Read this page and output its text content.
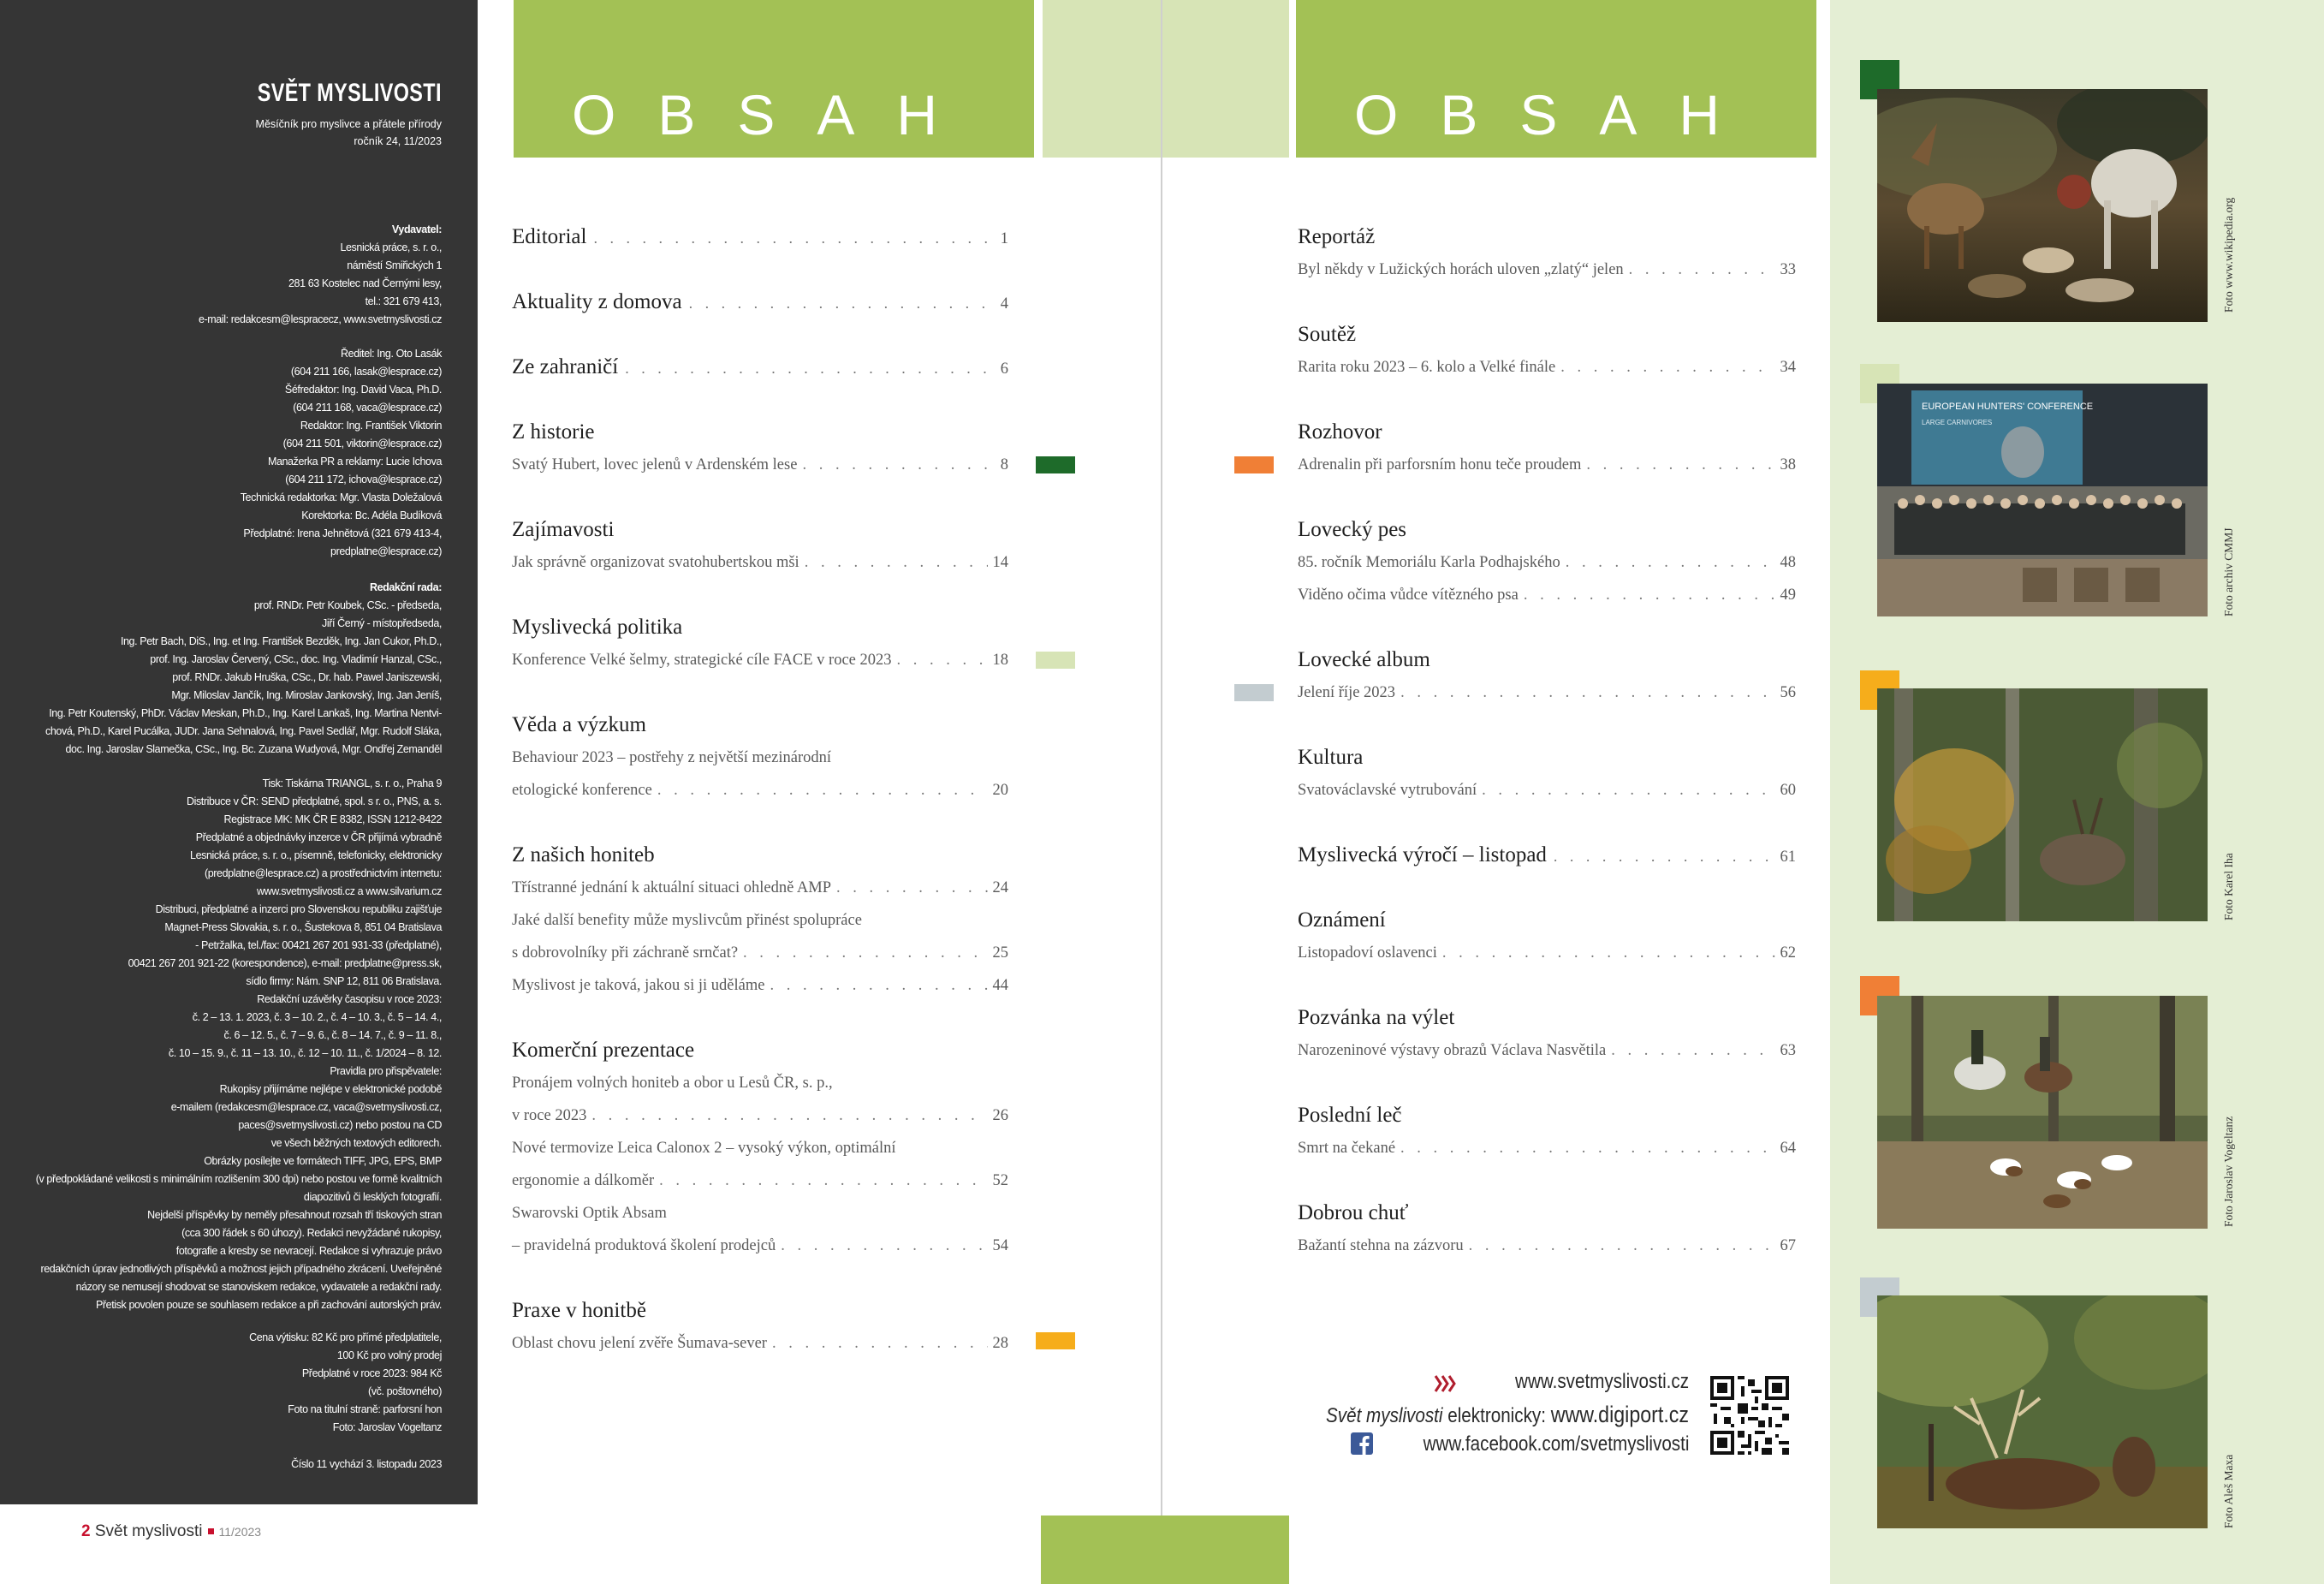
SVĚT MYSLIVOSTI
Měsíčník pro myslivce a přátele přírody
ročník 24, 11/2023
Vydavatel:
Lesnická práce, s. r. o.,
náměstí Smiřických 1
281 63 Kostelec nad Černými lesy,
tel.: 321 679 413,
e-mail: redakcesm@lespracecz, www.svetmyslivosti.cz
Ředitel: Ing. Oto Lasák
(604 211 166, lasak@lesprace.cz)
Šéfredaktor: Ing. David Vaca, Ph.D.
(604 211 168, vaca@lesprace.cz)
Redaktor: Ing. František Viktorin
(604 211 501, viktorin@lesprace.cz)
Manažerka PR a reklamy: Lucie Ichova
(604 211 172, ichova@lesprace.cz)
Technická redaktorka: Mgr. Vlasta Doležalová
Korektorka: Bc. Adéla Budíková
Předplatné: Irena Jehnětová (321 679 413-4,
predplatne@lesprace.cz)
Redakční rada:
prof. RNDr. Petr Koubek, CSc. - předseda,
Jiří Černý - místopředseda,
Ing. Petr Bach, DiS., Ing. et Ing. František Bezděk, Ing. Jan Cukor, Ph.D.,
prof. Ing. Jaroslav Červený, CSc., doc. Ing. Vladimír Hanzal, CSc.,
prof. RNDr. Jakub Hruška, CSc., Dr. hab. Pawel Janiszewski,
Mgr. Miloslav Jančík, Ing. Miroslav Jankovský, Ing. Jan Jeníš,
Ing. Petr Koutenský, PhDr. Václav Meskan, Ph.D., Ing. Karel Lankaš, Ing. Martina Nentvi-
chová, Ph.D., Karel Pucálka, JUDr. Jana Sehnalová, Ing. Pavel Sedlář, Mgr. Rudolf Sláka,
doc. Ing. Jaroslav Slamečka, CSc., Ing. Bc. Zuzana Wudyová, Mgr. Ondřej Zemanděl
Tisk: Tiskárna TRIANGL, s. r. o., Praha 9
Distribuce v ČR: SEND předplatné, spol. s r. o., PNS, a. s.
Registrace MK: MK ČR E 8382, ISSN 1212-8422
Předplatné a objednávky inzerce v ČR přijímá vybradně
Lesnická práce, s. r. o., písemně, telefonicky, elektronicky
(predplatne@lesprace.cz) a prostřednictvím internetu:
www.svetmyslivosti.cz a www.silvarium.cz
Distribuci, předplatné a inzerci pro Slovenskou republiku zajišťuje
Magnet-Press Slovakia, s. r. o., Šustekova 8, 851 04 Bratislava
- Petržalka, tel./fax: 00421 267 201 931-33 (předplatné),
00421 267 201 921-22 (korespondence), e-mail: predplatne@press.sk,
sídlo firmy: Nám. SNP 12, 811 06 Bratislava.
Redakční uzávěrky časopisu v roce 2023:
č. 2 – 13. 1. 2023, č. 3 – 10. 2., č. 4 – 10. 3., č. 5 – 14. 4.,
č. 6 – 12. 5., č. 7 – 9. 6., č. 8 – 14. 7., č. 9 – 11. 8.,
č. 10 – 15. 9., č. 11 – 13. 10., č. 12 – 10. 11., č. 1/2024 – 8. 12.
Pravidla pro přispěvatele:
Rukopisy přijímáme nejlépe v elektronické podobě
e-mailem (redakcesm@lesprace.cz, vaca@svetmyslivosti.cz,
paces@svetmyslivosti.cz) nebo postou na CD
ve všech běžných textových editorech.
Obrázky posílejte ve formátech TIFF, JPG, EPS, BMP
(v předpokládané velikosti s minimálním rozlišením 300 dpi) nebo postou ve formě kvalitních
diapozitivů či lesklých fotografií.
Nejdelší příspěvky by neměly přesahnout rozsah tří tiskových stran
(cca 300 řádek s 60 úhozy). Redakci nevyžádané rukopisy,
fotografie a kresby se nevracejí. Redakce si vyhrazuje právo
redakčních úprav jednotlivých příspěvků a možnost jejich případného zkrácení. Uveřejněné
názory se nemusejí shodovat se stanoviskem redakce, vydavatele a redakční rady.
Přetisk povolen pouze se souhlasem redakce a při zachování autorských práv.
Cena výtisku: 82 Kč pro přímé předplatitele,
100 Kč pro volný prodej
Předplatné v roce 2023: 984 Kč
(vč. poštovného)
Foto na titulní straně: parforsní hon
Foto: Jaroslav Vogeltanz
Číslo 11 vychází 3. listopadu 2023
2 Svět myslivosti 11/2023
OBSAH	OBSAH
Editorial . . .	1
Aktuality z domova . . .	4
Ze zahraničí . . .	6
Z historie
Svatý Hubert, lovec jelenů v Ardenském lese . . .	8
Zajímavosti
Jak správně organizovat svatohubertskou mši . . .	14
Myslivecká politika
Konference Velké šelmy, strategické cíle FACE v roce 2023 . . .	18
Věda a výzkum
Behaviour 2023 – postřehy z největší mezinárodní
etologické konference . . .	20
Z našich honiteb
Třístranné jednání k aktuální situaci ohledně AMP . . .	24
Jaké další benefity může myslivcům přinést spolupráce
s dobrovolníky při záchraně srnčat? . . .	25
Myslivost je taková, jakou si ji uděláme . . .	44
Komerční prezentace
Pronájem volných honiteb a obor u Lesů ČR, s. p.,
v roce 2023 . . .	26
Nové termovize Leica Calonox 2 – vysoký výkon, optimální
ergonomie a dálkoměr . . .	52
Swarovski Optik Absam
– pravidelná produktová školení prodejců . . .	54
Praxe v honitbě
Oblast chovu jelení zvěře Šumava-sever . . .	28
Reportáž
Byl někdy v Lužických horách uloven „zlatý“ jelen . . .	33
Soutěž
Rarita roku 2023 – 6. kolo a Velké finále . . .	34
Rozhovor
Adrenalin při parforsním honu teče proudem . . .	38
Lovecký pes
85. ročník Memoriálu Karla Podhajského . . .	48
Viděno očima vůdce vítězného psa . . .	49
Lovecké album
Jelení říje 2023 . . .	56
Kultura
Svatováclavské vytrubování . . .	60
Myslivecká výročí – listopad . . .	61
Oznámení
Listopadoví oslavenci . . .	62
Pozvánka na výlet
Narozeninové výstavy obrazů Václava Nasvětila . . .	63
Poslední leč
Smrt na čekané . . .	64
Dobrou chuť
Bažantí stehna na zázvoru . . .	67
www.svetmyslivosti.cz
Svět myslivosti elektronicky: www.digiport.cz
www.facebook.com/svetmyslivosti
EUROPEAN HUNTERS' CONFERENCE
LARGE CARNIVORES
Foto www.wikipedia.org
Foto archiv CMMJ
Foto Karel Iha
Foto Jaroslav Vogeltanz
Foto Aleš Maxa
